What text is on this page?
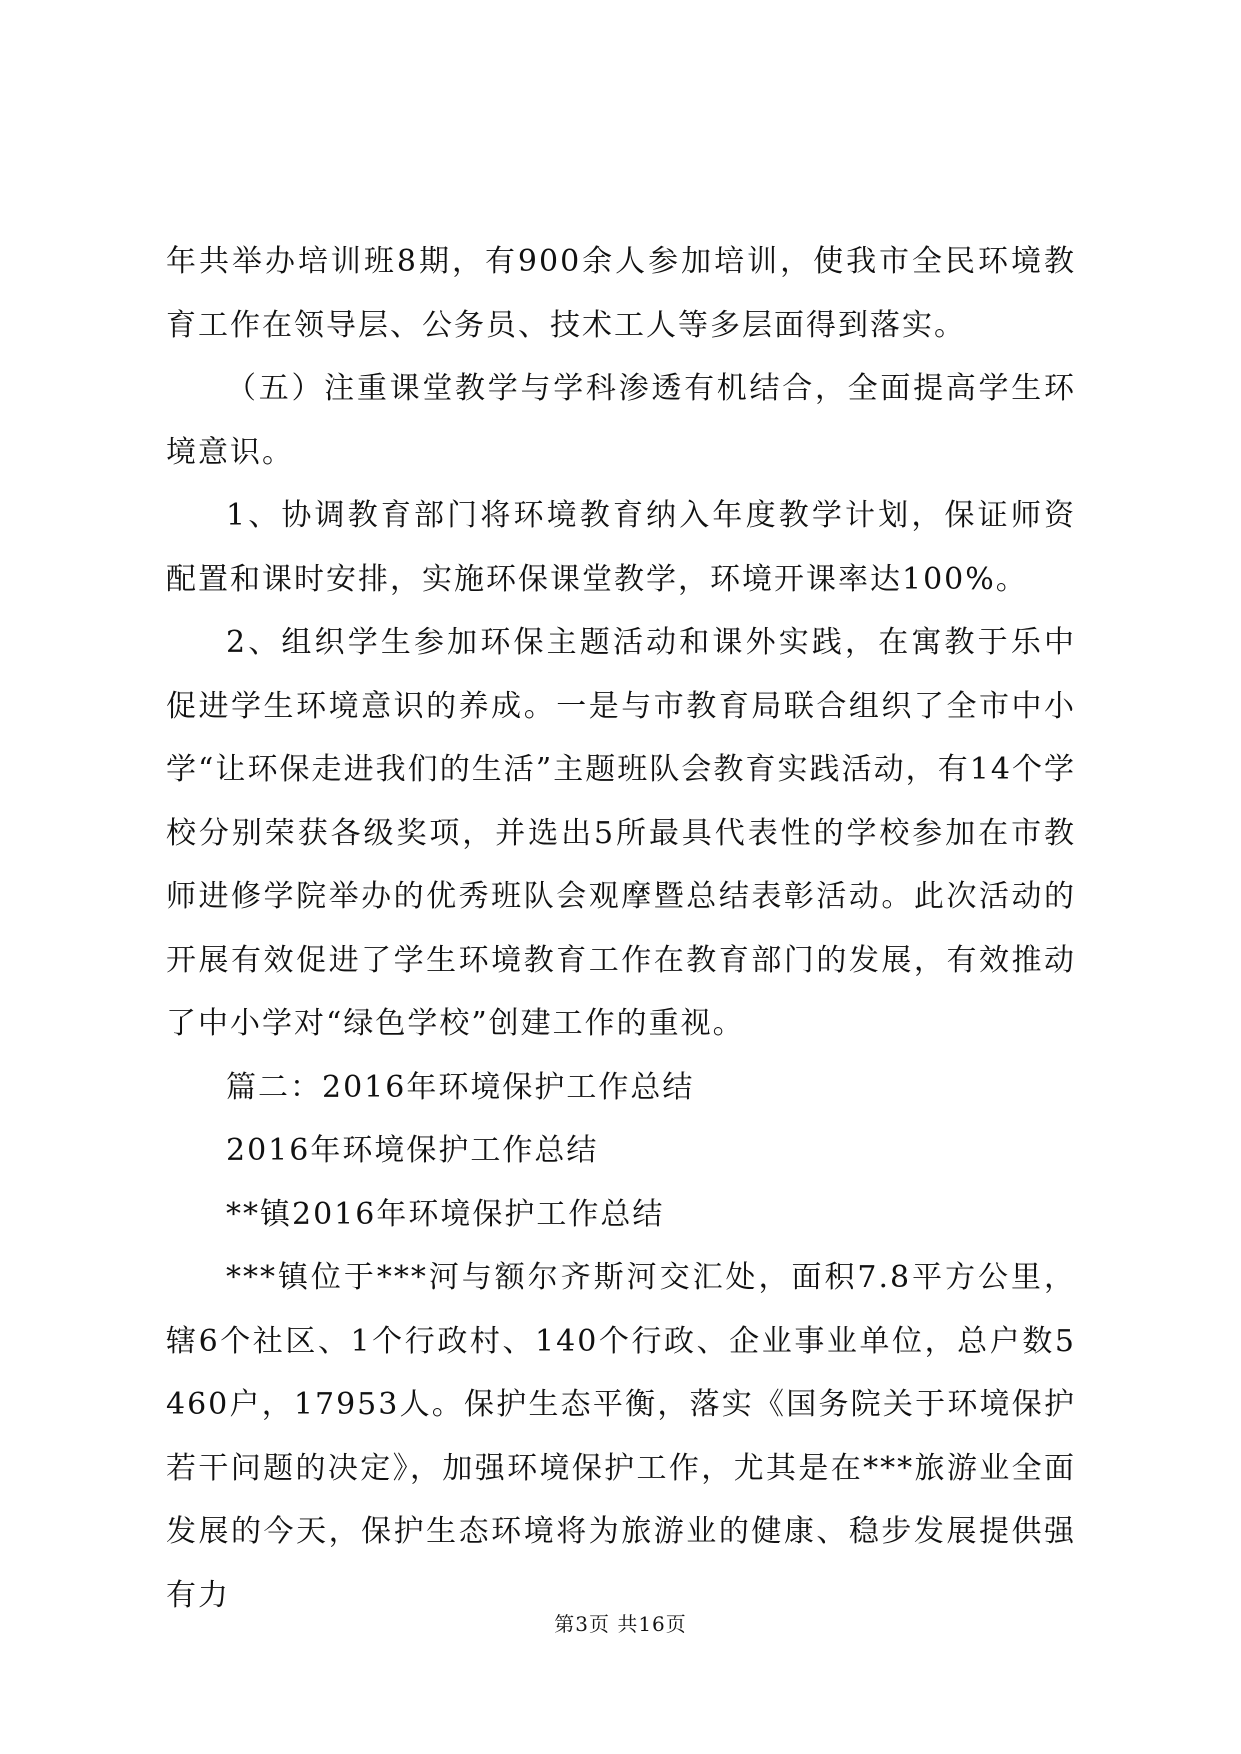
年共举办培训班8期，有900余人参加培训，使我市全民环境教育工作在领导层、公务员、技术工人等多层面得到落实。

（五）注重课堂教学与学科渗透有机结合，全面提高学生环境意识。

1、协调教育部门将环境教育纳入年度教学计划，保证师资配置和课时安排，实施环保课堂教学，环境开课率达100%。

2、组织学生参加环保主题活动和课外实践，在寓教于乐中促进学生环境意识的养成。一是与市教育局联合组织了全市中小学“让环保走进我们的生活”主题班队会教育实践活动，有14个学校分别荣获各级奖项，并选出5所最具代表性的学校参加在市教师进修学院举办的优秀班队会观摩暨总结表彰活动。此次活动的开展有效促进了学生环境教育工作在教育部门的发展，有效推动了中小学对“绿色学校”创建工作的重视。

篇二：2016年环境保护工作总结

2016年环境保护工作总结

**镇2016年环境保护工作总结

***镇位于***河与额尔齐斯河交汇处，面积7.8平方公里，辖6个社区、1个行政村、140个行政、企业事业单位，总户数5460户，17953人。保护生态平衡，落实《国务院关于环境保护若干问题的决定》，加强环境保护工作，尤其是在***旅游业全面发展的今天，保护生态环境将为旅游业的健康、稳步发展提供强有力

第3页 共16页
